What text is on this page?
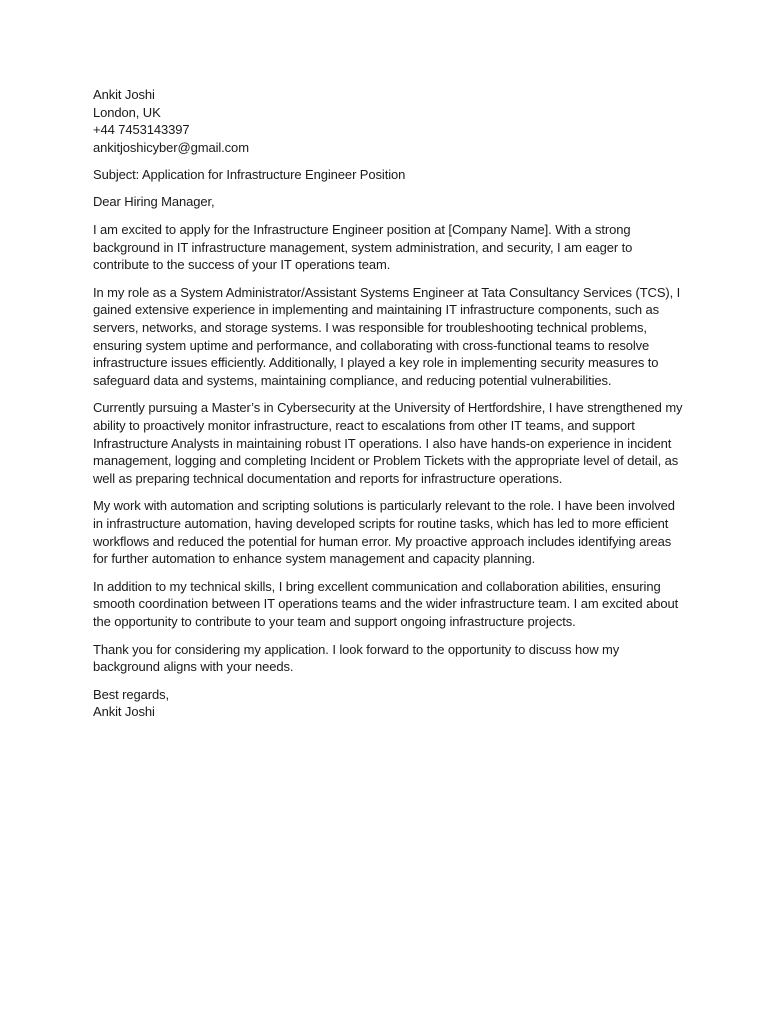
Ankit Joshi

London, UK

+44 7453143397

ankitjoshicyber@gmail.com

Subject: Application for Infrastructure Engineer Position

Dear Hiring Manager,

I am excited to apply for the Infrastructure Engineer position at [Company Name]. With a strong background in IT infrastructure management, system administration, and security, I am eager to contribute to the success of your IT operations team.

In my role as a System Administrator/Assistant Systems Engineer at Tata Consultancy Services (TCS), I gained extensive experience in implementing and maintaining IT infrastructure components, such as servers, networks, and storage systems. I was responsible for troubleshooting technical problems, ensuring system uptime and performance, and collaborating with cross-functional teams to resolve infrastructure issues efficiently. Additionally, I played a key role in implementing security measures to safeguard data and systems, maintaining compliance, and reducing potential vulnerabilities.

Currently pursuing a Master’s in Cybersecurity at the University of Hertfordshire, I have strengthened my ability to proactively monitor infrastructure, react to escalations from other IT teams, and support Infrastructure Analysts in maintaining robust IT operations. I also have hands-on experience in incident management, logging and completing Incident or Problem Tickets with the appropriate level of detail, as well as preparing technical documentation and reports for infrastructure operations.

My work with automation and scripting solutions is particularly relevant to the role. I have been involved in infrastructure automation, having developed scripts for routine tasks, which has led to more efficient workflows and reduced the potential for human error. My proactive approach includes identifying areas for further automation to enhance system management and capacity planning.

In addition to my technical skills, I bring excellent communication and collaboration abilities, ensuring smooth coordination between IT operations teams and the wider infrastructure team. I am excited about the opportunity to contribute to your team and support ongoing infrastructure projects.

Thank you for considering my application. I look forward to the opportunity to discuss how my background aligns with your needs.

Best regards,

Ankit Joshi
